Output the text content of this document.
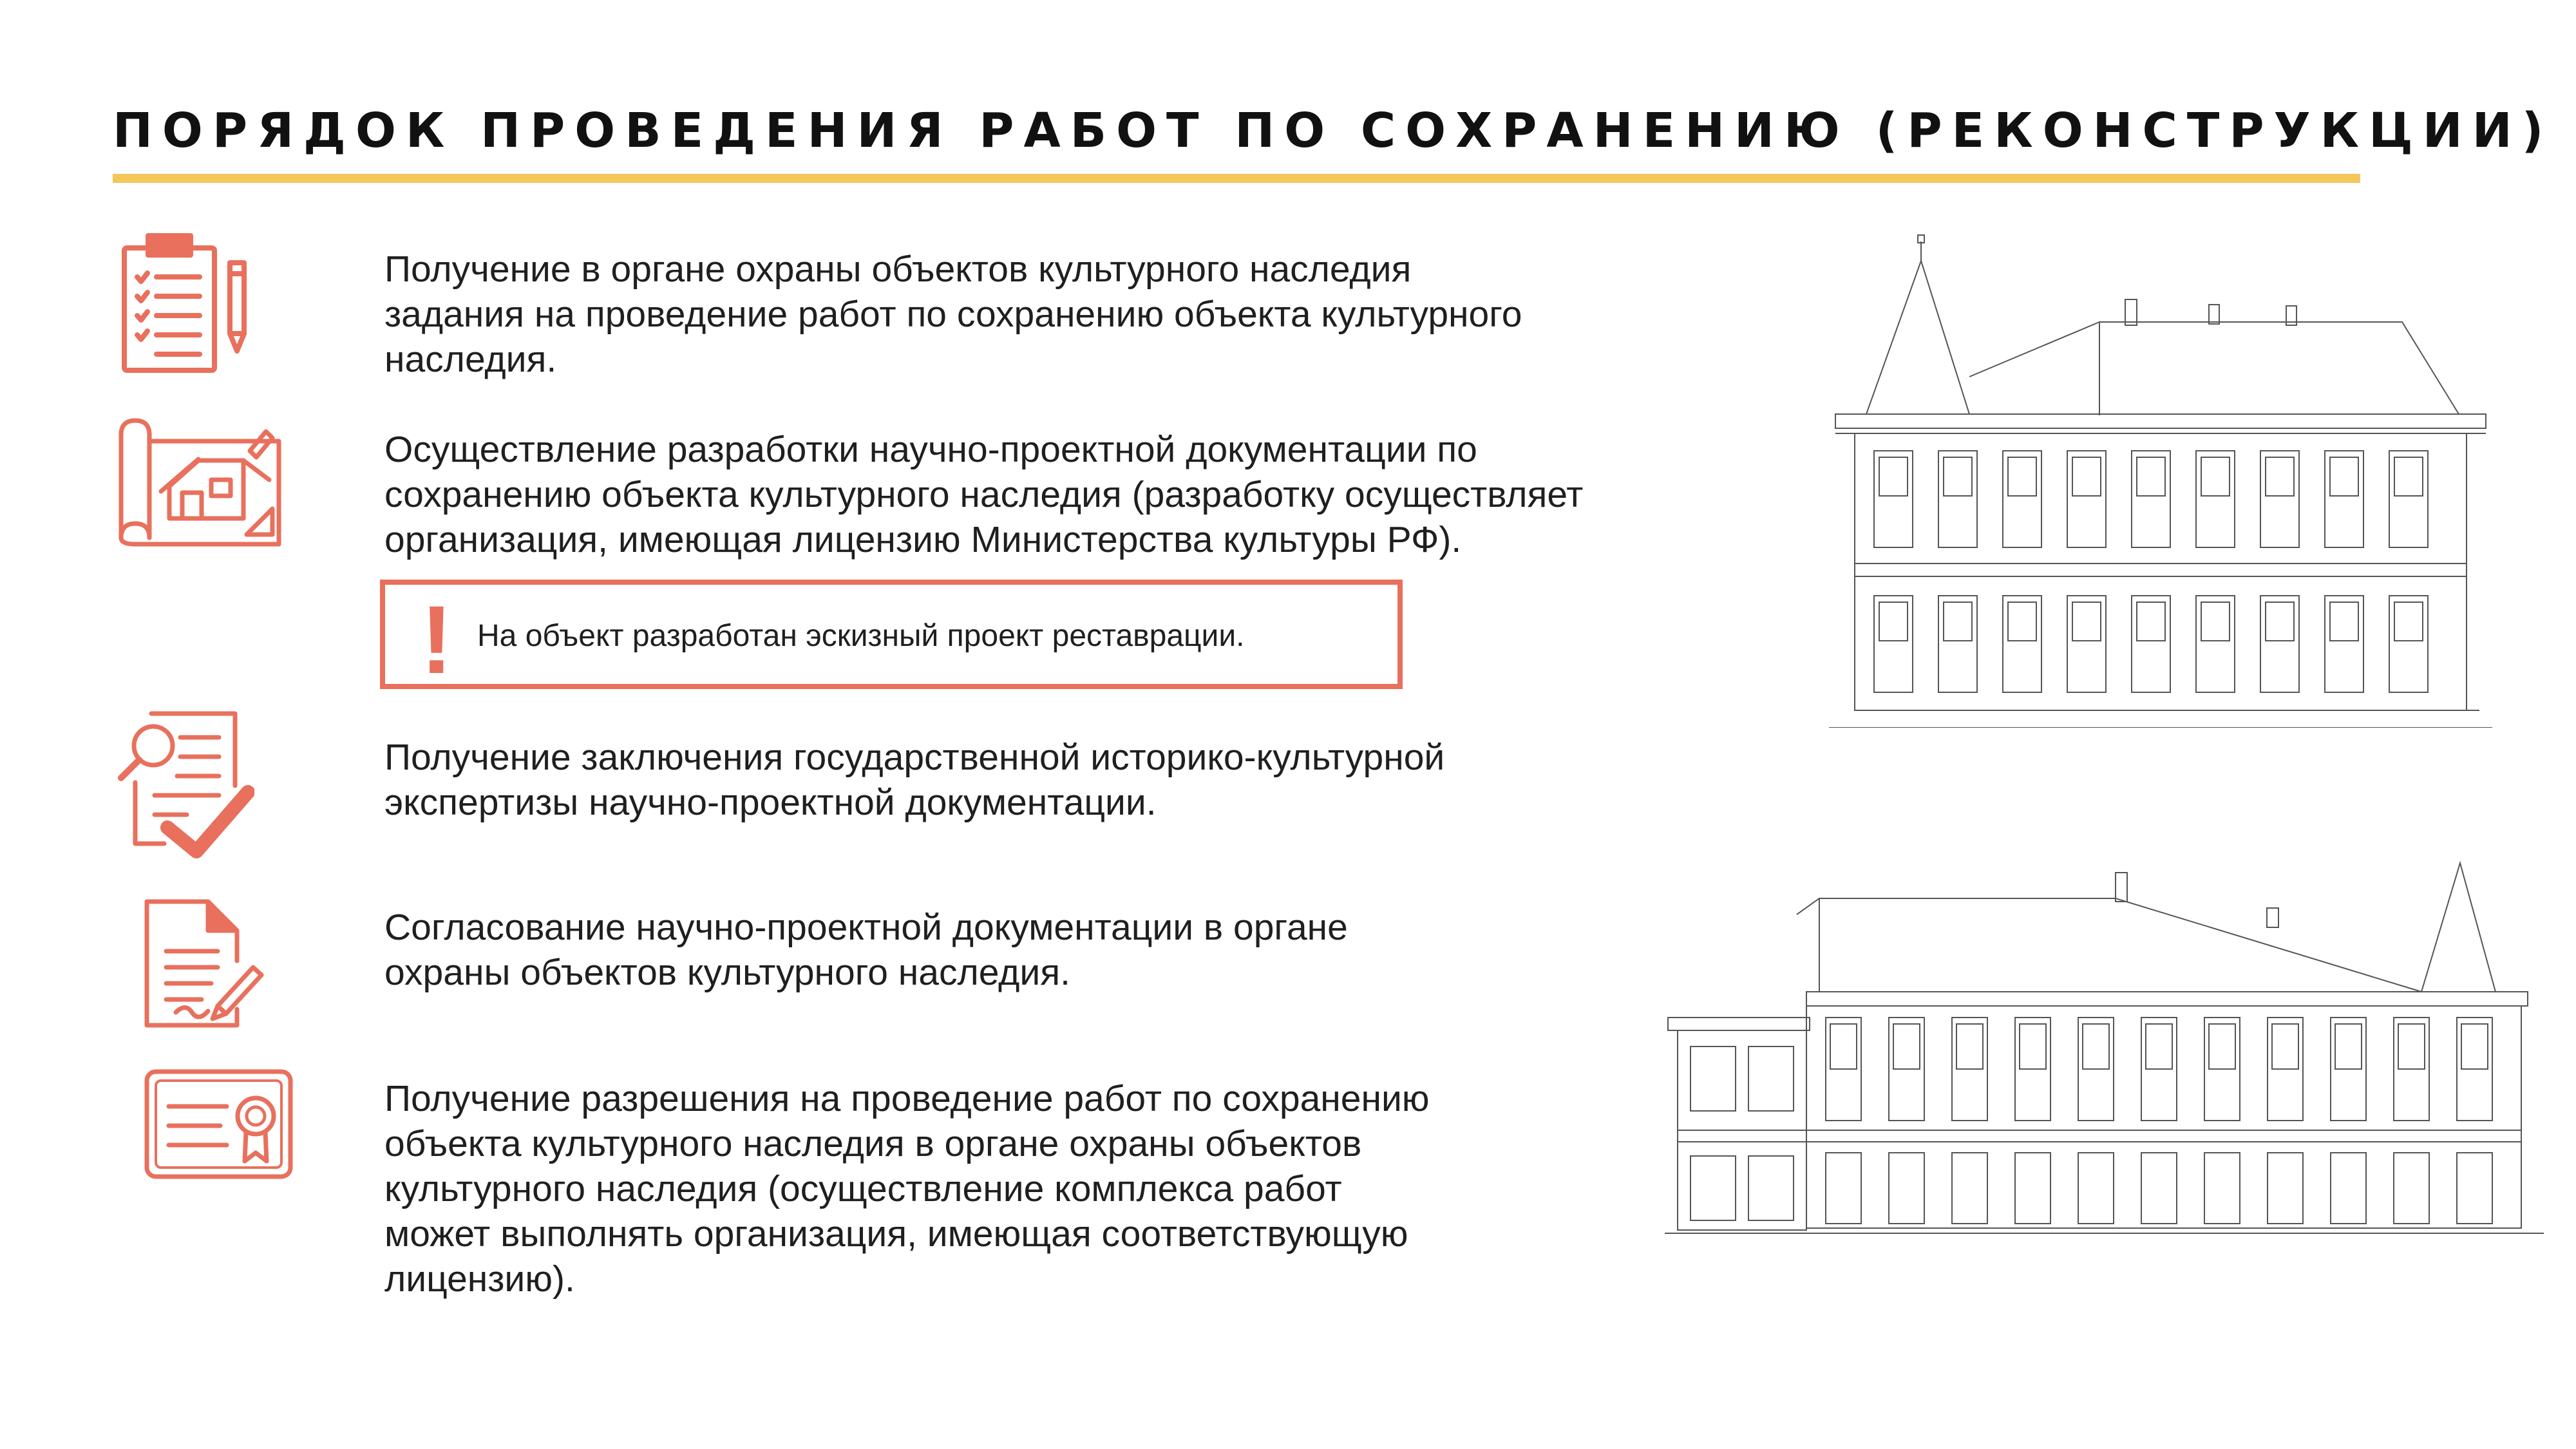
ПОРЯДОК ПРОВЕДЕНИЯ РАБОТ ПО СОХРАНЕНИЮ (РЕКОНСТРУКЦИИ)

Получение в органе охраны объектов культурного наследия
задания на проведение работ по сохранению объекта культурного
наследия.

Осуществление разработки научно-проектной документации по
сохранению объекта культурного наследия (разработку осуществляет
организация, имеющая лицензию Министерства культуры РФ).

! На объект разработан эскизный проект реставрации.

Получение заключения государственной историко-культурной
экспертизы научно-проектной документации.

Согласование научно-проектной документации в органе
охраны объектов культурного наследия.

Получение разрешения на проведение работ по сохранению
объекта культурного наследия в органе охраны объектов
культурного наследия (осуществление комплекса работ
может выполнять организация, имеющая соответствующую
лицензию).
